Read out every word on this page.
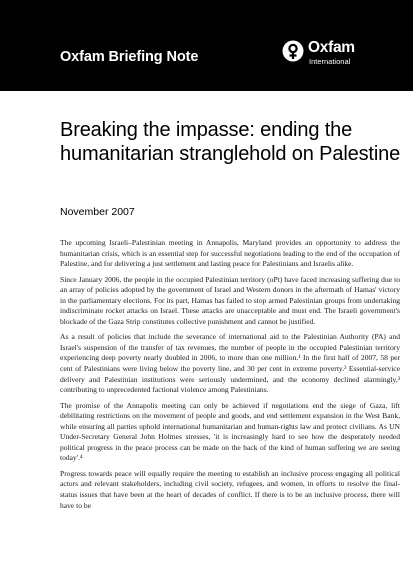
Oxfam Briefing Note
Oxfam
International
Breaking the impasse: ending the humanitarian stranglehold on Palestine

November 2007

The upcoming Israeli–Palestinian meeting in Annapolis, Maryland provides an opportunity to address the humanitarian crisis, which is an essential step for successful negotiations leading to the end of the occupation of Palestine, and for delivering a just settlement and lasting peace for Palestinians and Israelis alike.

Since January 2006, the people in the occupied Palestinian territory (oPt) have faced increasing suffering due to an array of policies adopted by the government of Israel and Western donors in the aftermath of Hamas' victory in the parliamentary elections. For its part, Hamas has failed to stop armed Palestinian groups from undertaking indiscriminate rocket attacks on Israel. These attacks are unacceptable and must end. The Israeli government's blockade of the Gaza Strip constitutes collective punishment and cannot be justified.

As a result of policies that include the severance of international aid to the Palestinian Authority (PA) and Israel's suspension of the transfer of tax revenues, the number of people in the occupied Palestinian territory experiencing deep poverty nearly doubled in 2006, to more than one million.¹ In the first half of 2007, 58 per cent of Palestinians were living below the poverty line, and 30 per cent in extreme poverty.² Essential-service delivery and Palestinian institutions were seriously undermined, and the economy declined alarmingly,³ contributing to unprecedented factional violence among Palestinians.

The promise of the Annapolis meeting can only be achieved if negotiations end the siege of Gaza, lift debilitating restrictions on the movement of people and goods, and end settlement expansion in the West Bank, while ensuring all parties uphold international humanitarian and human-rights law and protect civilians. As UN Under-Secretary General John Holmes stresses, 'it is increasingly hard to see how the desperately needed political progress in the peace process can be made on the back of the kind of human suffering we are seeing today'.⁴

Progress towards peace will equally require the meeting to establish an inclusive process engaging all political actors and relevant stakeholders, including civil society, refugees, and women, in efforts to resolve the final-status issues that have been at the heart of decades of conflict. If there is to be an inclusive process, there will have to be
